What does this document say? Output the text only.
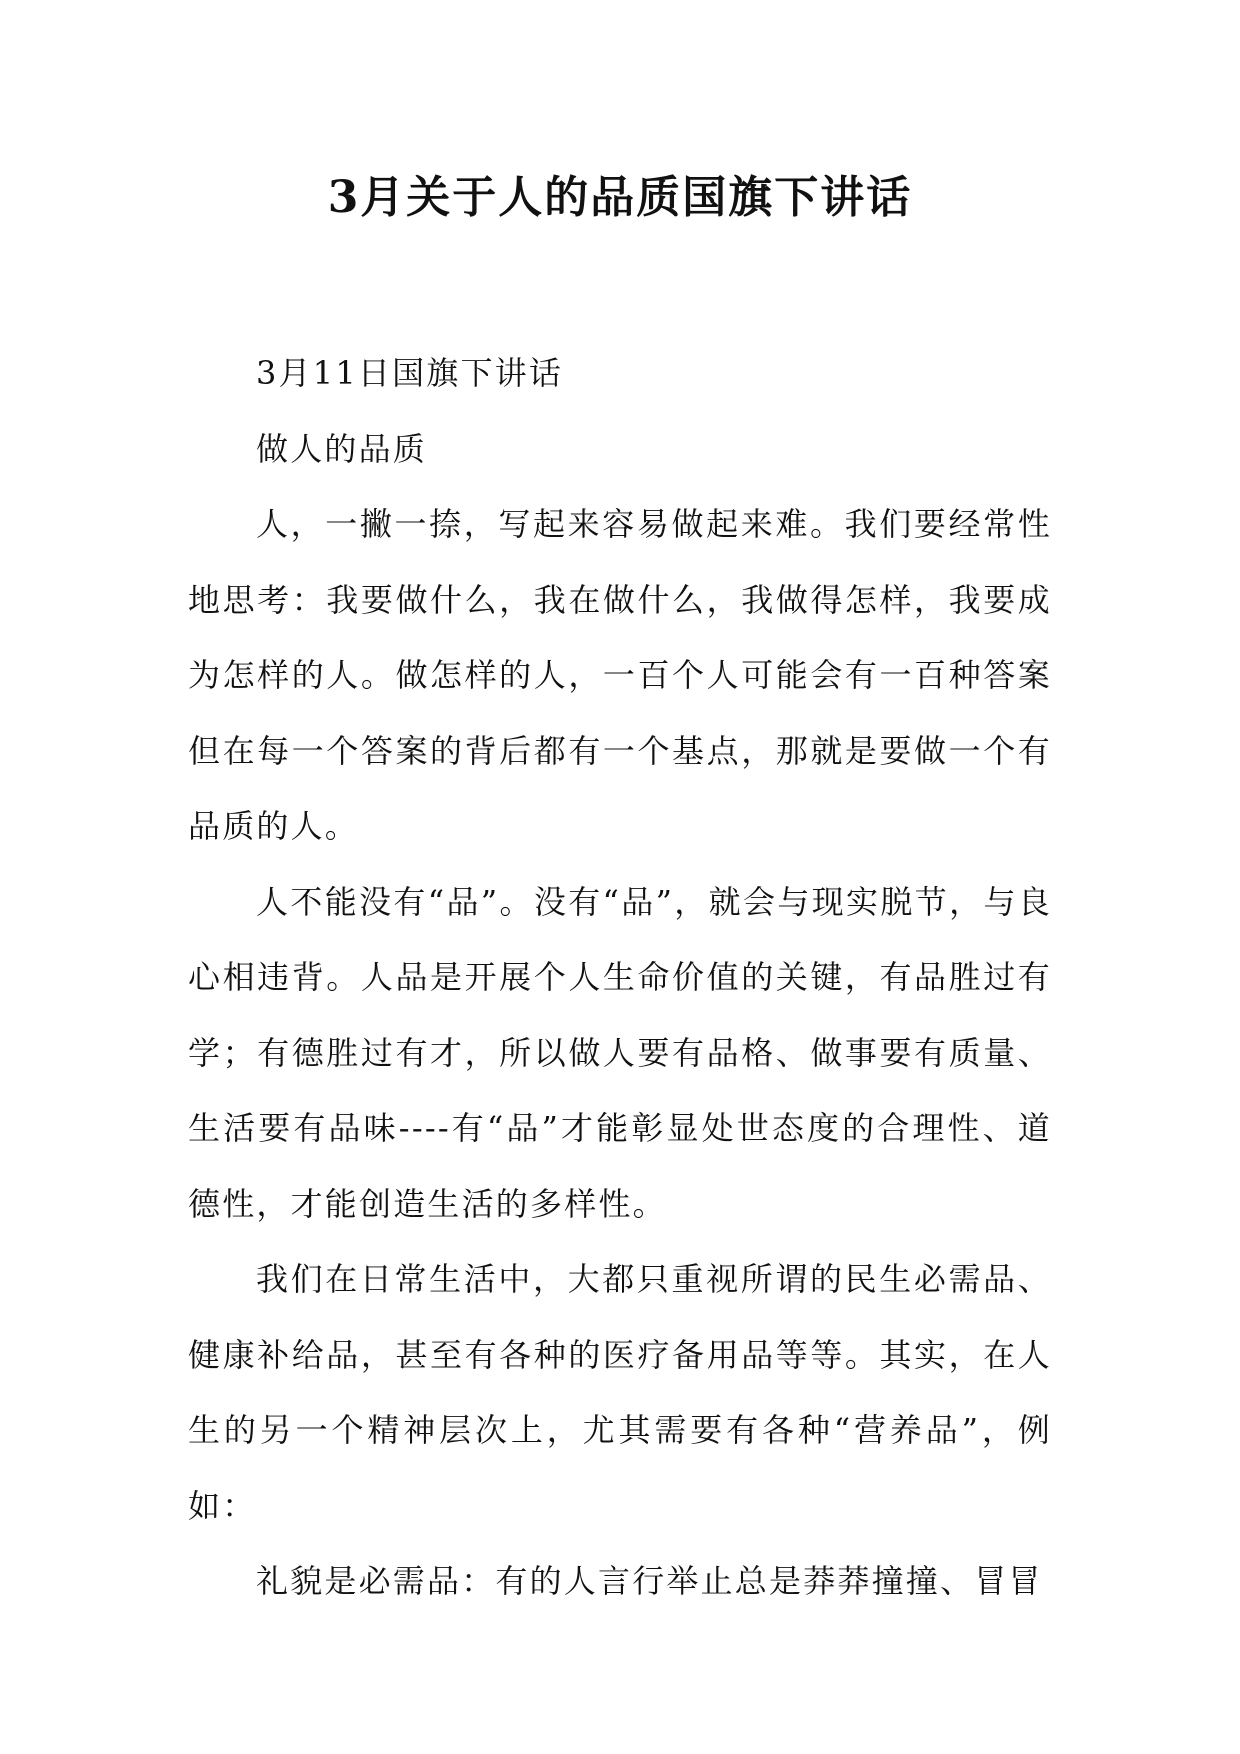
3月关于人的品质国旗下讲话

3月11日国旗下讲话

做人的品质

人，一撇一捺，写起来容易做起来难。我们要经常性地思考：我要做什么，我在做什么，我做得怎样，我要成为怎样的人。做怎样的人，一百个人可能会有一百种答案但在每一个答案的背后都有一个基点，那就是要做一个有品质的人。

人不能没有“品”。没有“品”，就会与现实脱节，与良心相违背。人品是开展个人生命价值的关键，有品胜过有学；有德胜过有才，所以做人要有品格、做事要有质量、生活要有品味----有“品”才能彰显处世态度的合理性、道德性，才能创造生活的多样性。

我们在日常生活中，大都只重视所谓的民生必需品、健康补给品，甚至有各种的医疗备用品等等。其实，在人生的另一个精神层次上，尤其需要有各种“营养品”，例如：

礼貌是必需品：有的人言行举止总是莽莽撞撞、冒冒
